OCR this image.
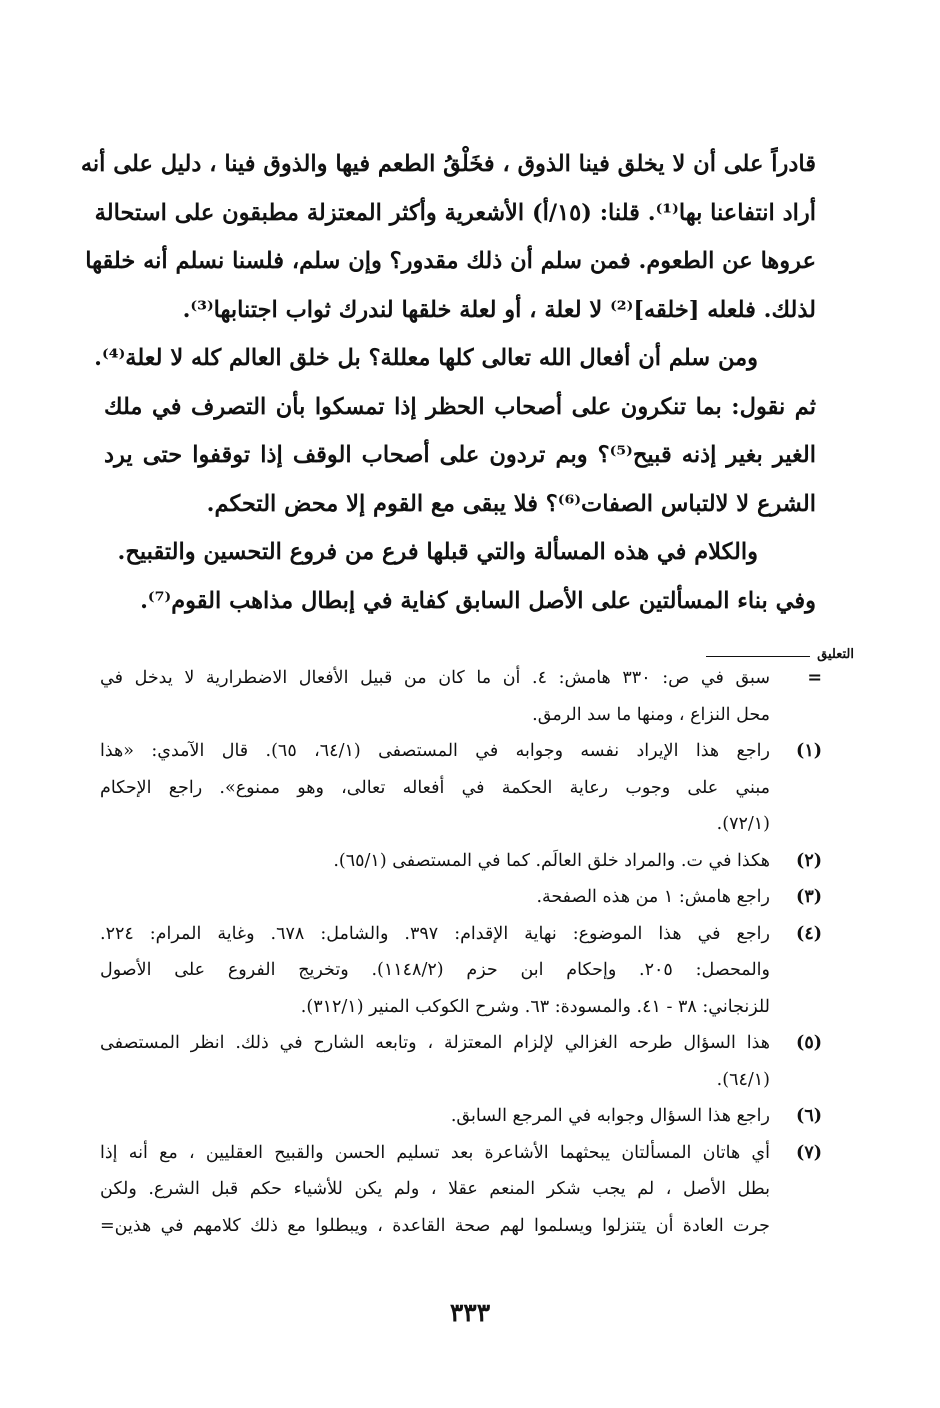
قادراً على أن لا يخلق فينا الذوق ، فخَلْقُ الطعم فيها والذوق فينا ، دليل على أنه
أراد انتفاعنا بها⁽¹⁾. قلنا: (١٥/أ) الأشعرية وأكثر المعتزلة مطبقون على استحالة
عروها عن الطعوم. فمن سلم أن ذلك مقدور؟ وإن سلم، فلسنا نسلم أنه خلقها
لذلك. فلعله [خلقه]⁽²⁾ لا لعلة ، أو لعلة خلقها لندرك ثواب اجتنابها⁽³⁾.
ومن سلم أن أفعال الله تعالى كلها معللة؟ بل خلق العالم كله لا لعلة⁽⁴⁾.
ثم نقول: بما تنكرون على أصحاب الحظر إذا تمسكوا بأن التصرف في ملك
الغير بغير إذنه قبيح⁽⁵⁾؟ وبم تردون على أصحاب الوقف إذا توقفوا حتى يرد
الشرع لا لالتباس الصفات⁽⁶⁾؟ فلا يبقى مع القوم إلا محض التحكم.
والكلام في هذه المسألة والتي قبلها فرع من فروع التحسين والتقبيح.
وفي بناء المسألتين على الأصل السابق كفاية في إبطال مذاهب القوم⁽⁷⁾.
التعليق
=

سبق في ص: ٣٣٠ هامش: ٤. أن ما كان من قبيل الأفعال الاضطرارية لا يدخل في

محل النزاع ، ومنها ما سد الرمق.

(١)

راجع هذا الإيراد نفسه وجوابه في المستصفى (٦٤/١، ٦٥). قال الآمدي: «هذا

مبني على وجوب رعاية الحكمة في أفعاله تعالى، وهو ممنوع». راجع الإحكام

(٧٢/١).

(٢)

هكذا في ت. والمراد خلق العالَم. كما في المستصفى (٦٥/١).

(٣)

راجع هامش: ١ من هذه الصفحة.

(٤)

راجع في هذا الموضوع: نهاية الإقدام: ٣٩٧. والشامل: ٦٧٨. وغاية المرام: ٢٢٤.

والمحصل: ٢٠٥. وإحكام ابن حزم (١١٤٨/٢). وتخريج الفروع على الأصول

للزنجاني: ٣٨ - ٤١. والمسودة: ٦٣. وشرح الكوكب المنير (٣١٢/١).

(٥)

هذا السؤال طرحه الغزالي لإلزام المعتزلة ، وتابعه الشارح في ذلك. انظر المستصفى

(٦٤/١).

(٦)

راجع هذا السؤال وجوابه في المرجع السابق.

(٧)

أي هاتان المسألتان يبحثهما الأشاعرة بعد تسليم الحسن والقبيح العقليين ، مع أنه إذا

بطل الأصل ، لم يجب شكر المنعم عقلا ، ولم يكن للأشياء حكم قبل الشرع. ولكن

جرت العادة أن يتنزلوا ويسلموا لهم صحة القاعدة ، ويبطلوا مع ذلك كلامهم في هذين=

٣٣٣
